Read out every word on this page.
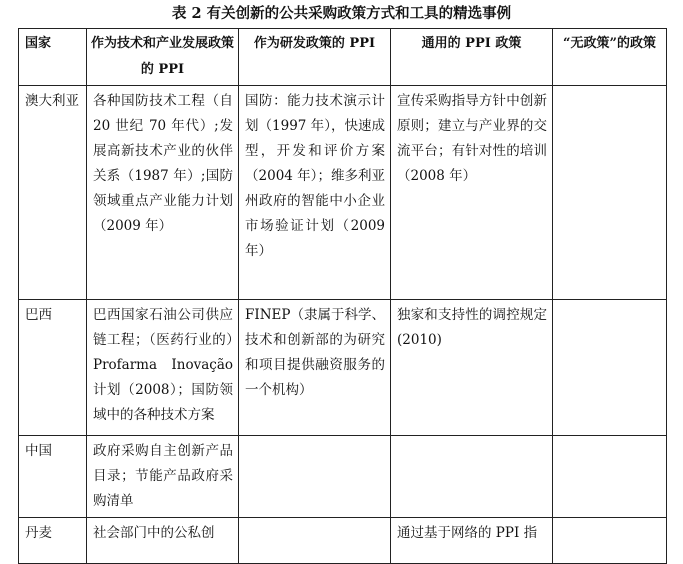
表 2 有关创新的公共采购政策方式和工具的精选事例
国家	作为技术和产业发展政策的 PPI	作为研发政策的 PPI	通用的 PPI 政策	“无政策”的政策

澳大利亚	各种国防技术工程（自 20 世纪 70 年代）;发展高新技术产业的伙伴关系（1987 年）;国防领域重点产业能力计划（2009 年）	国防：能力技术演示计划（1997 年），快速成型，开发和评价方案（2004 年）；维多利亚州政府的智能中小企业市场验证计划（2009 年）	宣传采购指导方针中创新原则；建立与产业界的交流平台；有针对性的培训（2008 年）	

巴西	巴西国家石油公司供应链工程；（医药行业的）Profarma Inovação 计划（2008）；国防领域中的各种技术方案	FINEP（隶属于科学、技术和创新部的为研究和项目提供融资服务的一个机构）	独家和支持性的调控规定(2010)	

中国	政府采购自主创新产品目录；节能产品政府采购清单			

丹麦	社会部门中的公私创		通过基于网络的 PPI 指	
